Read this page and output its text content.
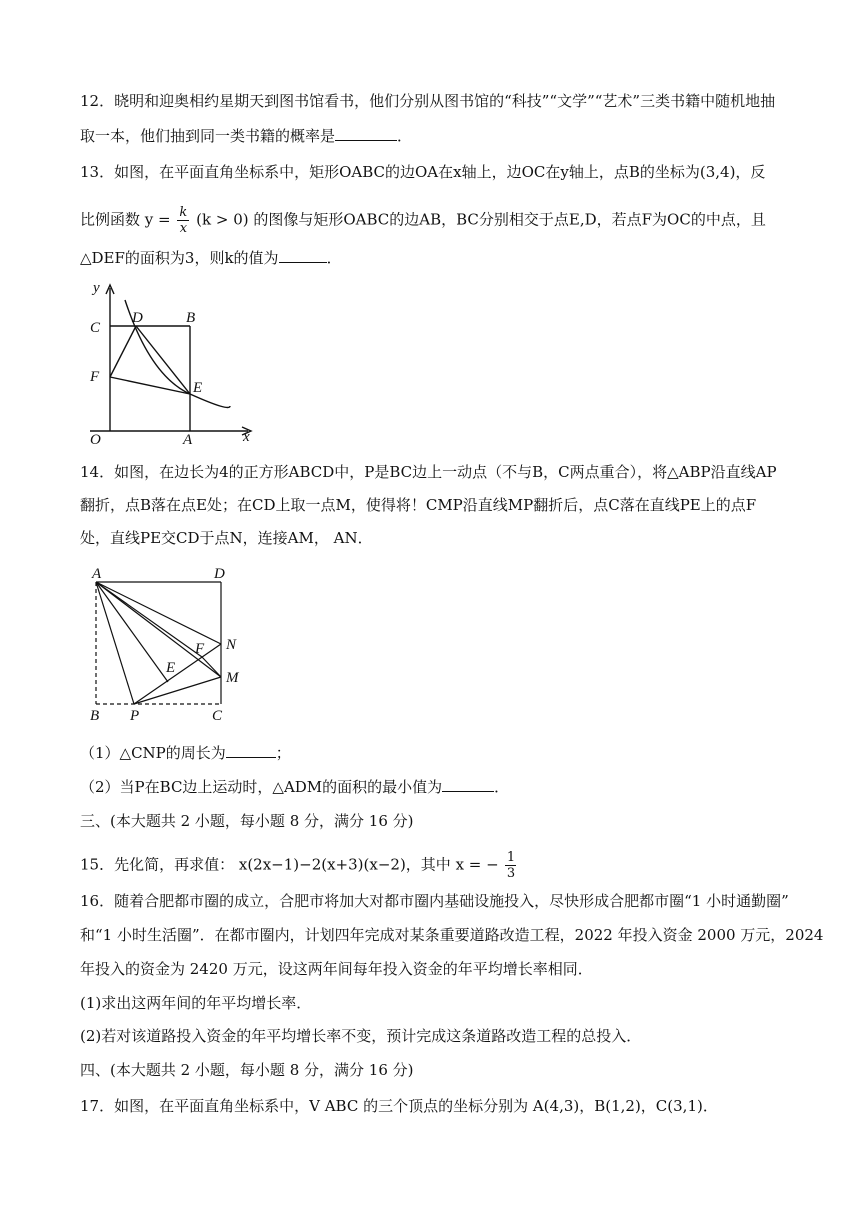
12．晓明和迎奥相约星期天到图书馆看书，他们分别从图书馆的“科技”“文学”“艺术”三类书籍中随机地抽
取一本，他们抽到同一类书籍的概率是	．
13．如图，在平面直角坐标系中，矩形OABC的边OA在x轴上，边OC在y轴上，点B的坐标为(3,4)，反
比例函数 $y = \frac{k}{x} (k > 0)$ 的图像与矩形OABC的边AB，BC分别相交于点E,D，若点F为OC的中点，且
△DEF的面积为3，则k的值为	．
y
x
O	A
B
C
D
E
F
14．如图，在边长为4的正方形ABCD中，P是BC边上一动点（不与B，C两点重合），将△ABP沿直线AP
翻折，点B落在点E处；在CD上取一点M，使得将！CMP沿直线MP翻折后，点C落在直线PE上的点F
处，直线PE交CD于点N，连接AM， AN．
A	D
B P	C
N
M
E
F
（1）△CNP的周长为	；
（2）当P在BC边上运动时，△ADM的面积的最小值为	．
三、(本大题共 2 小题，每小题 8 分，满分 16 分)
15．先化简，再求值： x(2x−1)−2(x+3)(x−2)，其中 x = − $\frac{1}{3}$
16．随着合肥都市圈的成立，合肥市将加大对都市圈内基础设施投入，尽快形成合肥都市圈“1 小时通勤圈”
和“1 小时生活圈”．在都市圈内，计划四年完成对某条重要道路改造工程，2022 年投入资金 2000 万元，2024
年投入的资金为 2420 万元，设这两年间每年投入资金的年平均增长率相同．
(1)求出这两年间的年平均增长率．
(2)若对该道路投入资金的年平均增长率不变，预计完成这条道路改造工程的总投入．
四、(本大题共 2 小题，每小题 8 分，满分 16 分)
17．如图，在平面直角坐标系中，V ABC 的三个顶点的坐标分别为 A(4,3)，B(1,2)，C(3,1)．
